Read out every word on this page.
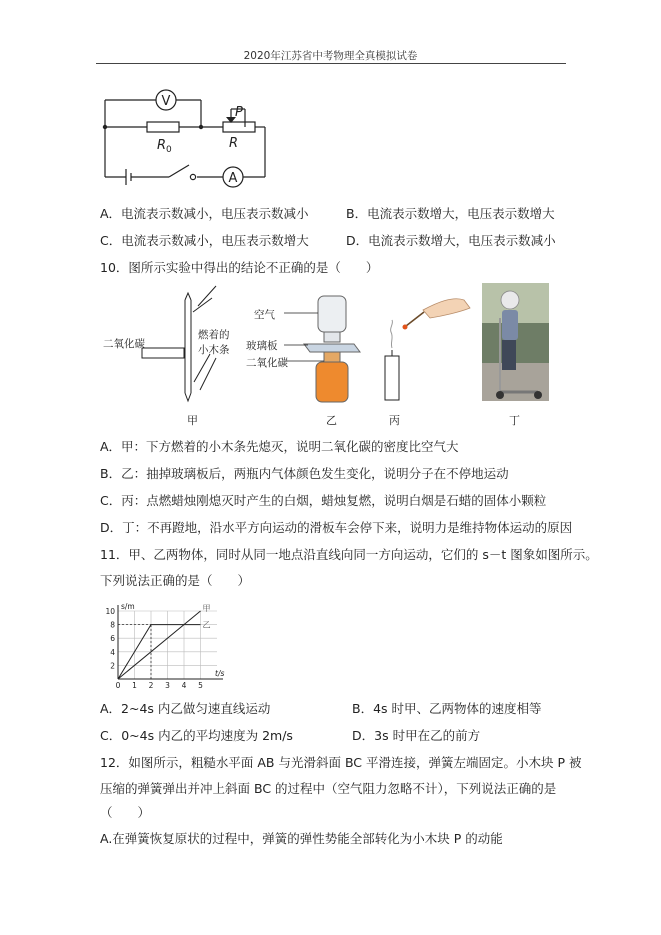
2020年江苏省中考物理全真模拟试卷
V
A
P
R 0	R
A．电流表示数减小，电压表示数减小	B．电流表示数增大，电压表示数增大
C．电流表示数减小，电压表示数增大	D．电流表示数增大，电压表示数减小
10．图所示实验中得出的结论不正确的是（　　）
二氧化碳
燃着的
小木条
甲
空气
玻璃板
二氧化碳
乙	丙	丁
A．甲：下方燃着的小木条先熄灭，说明二氧化碳的密度比空气大
B．乙：抽掉玻璃板后，两瓶内气体颜色发生变化，说明分子在不停地运动
C．丙：点燃蜡烛刚熄灭时产生的白烟，蜡烛复燃，说明白烟是石蜡的固体小颗粒
D．丁：不再蹬地，沿水平方向运动的滑板车会停下来，说明力是维持物体运动的原因
11．甲、乙两物体，同时从同一地点沿直线向同一方向运动，它们的 s－t 图象如图所示。
下列说法正确的是（　　）
s/m
t/s
甲
乙
0 1 2 3 4 5
2
4
6
8
10
A．2~4s 内乙做匀速直线运动	B．4s 时甲、乙两物体的速度相等
C．0~4s 内乙的平均速度为 2m/s	D．3s 时甲在乙的前方
12．如图所示，粗糙水平面 AB 与光滑斜面 BC 平滑连接，弹簧左端固定。小木块 P 被
压缩的弹簧弹出并冲上斜面 BC 的过程中（空气阻力忽略不计），下列说法正确的是
（　　）
A.在弹簧恢复原状的过程中，弹簧的弹性势能全部转化为小木块 P 的动能
